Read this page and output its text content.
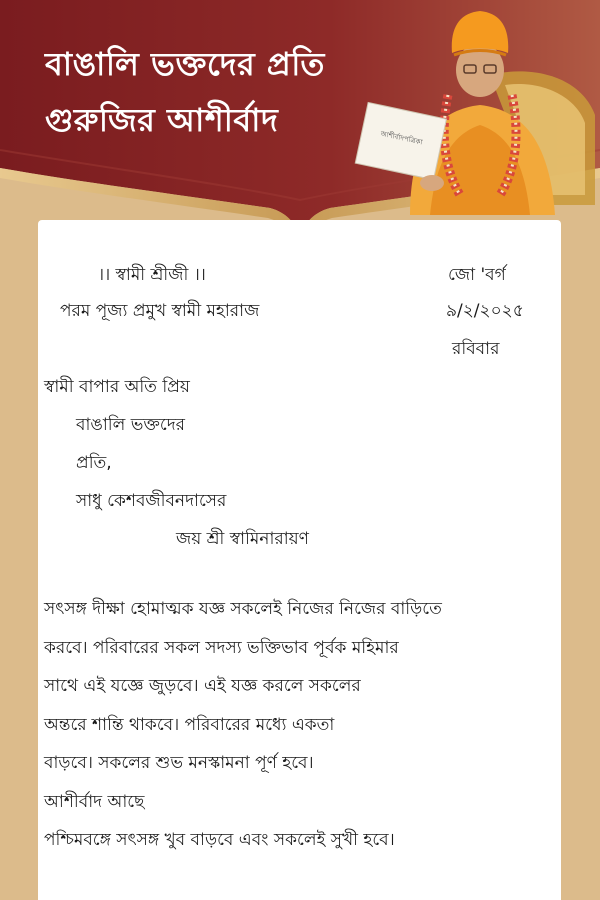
আশীর্বাদপত্রিকা
বাঙালি ভক্তদের প্রতি
গুরুজির আশীর্বাদ
।। স্বামী শ্রীজী ।।
পরম পূজ্য প্রমুখ স্বামী মহারাজ
জো 'বর্গ
৯/২/২০২৫
রবিবার
স্বামী বাপার অতি প্রিয়
বাঙালি ভক্তদের
প্রতি,
সাধু কেশবজীবনদাসের
জয় শ্রী স্বামিনারায়ণ
সৎসঙ্গ দীক্ষা হোমাত্মক যজ্ঞ সকলেই নিজের নিজের বাড়িতে
করবে। পরিবারের সকল সদস্য ভক্তিভাব পূর্বক মহিমার
সাথে এই যজ্ঞে জুড়বে। এই যজ্ঞ করলে সকলের
অন্তরে শান্তি থাকবে। পরিবারের মধ্যে একতা
বাড়বে। সকলের শুভ মনস্কামনা পূর্ণ হবে।
আশীর্বাদ আছে
পশ্চিমবঙ্গে সৎসঙ্গ খুব বাড়বে এবং সকলেই সুখী হবে।
